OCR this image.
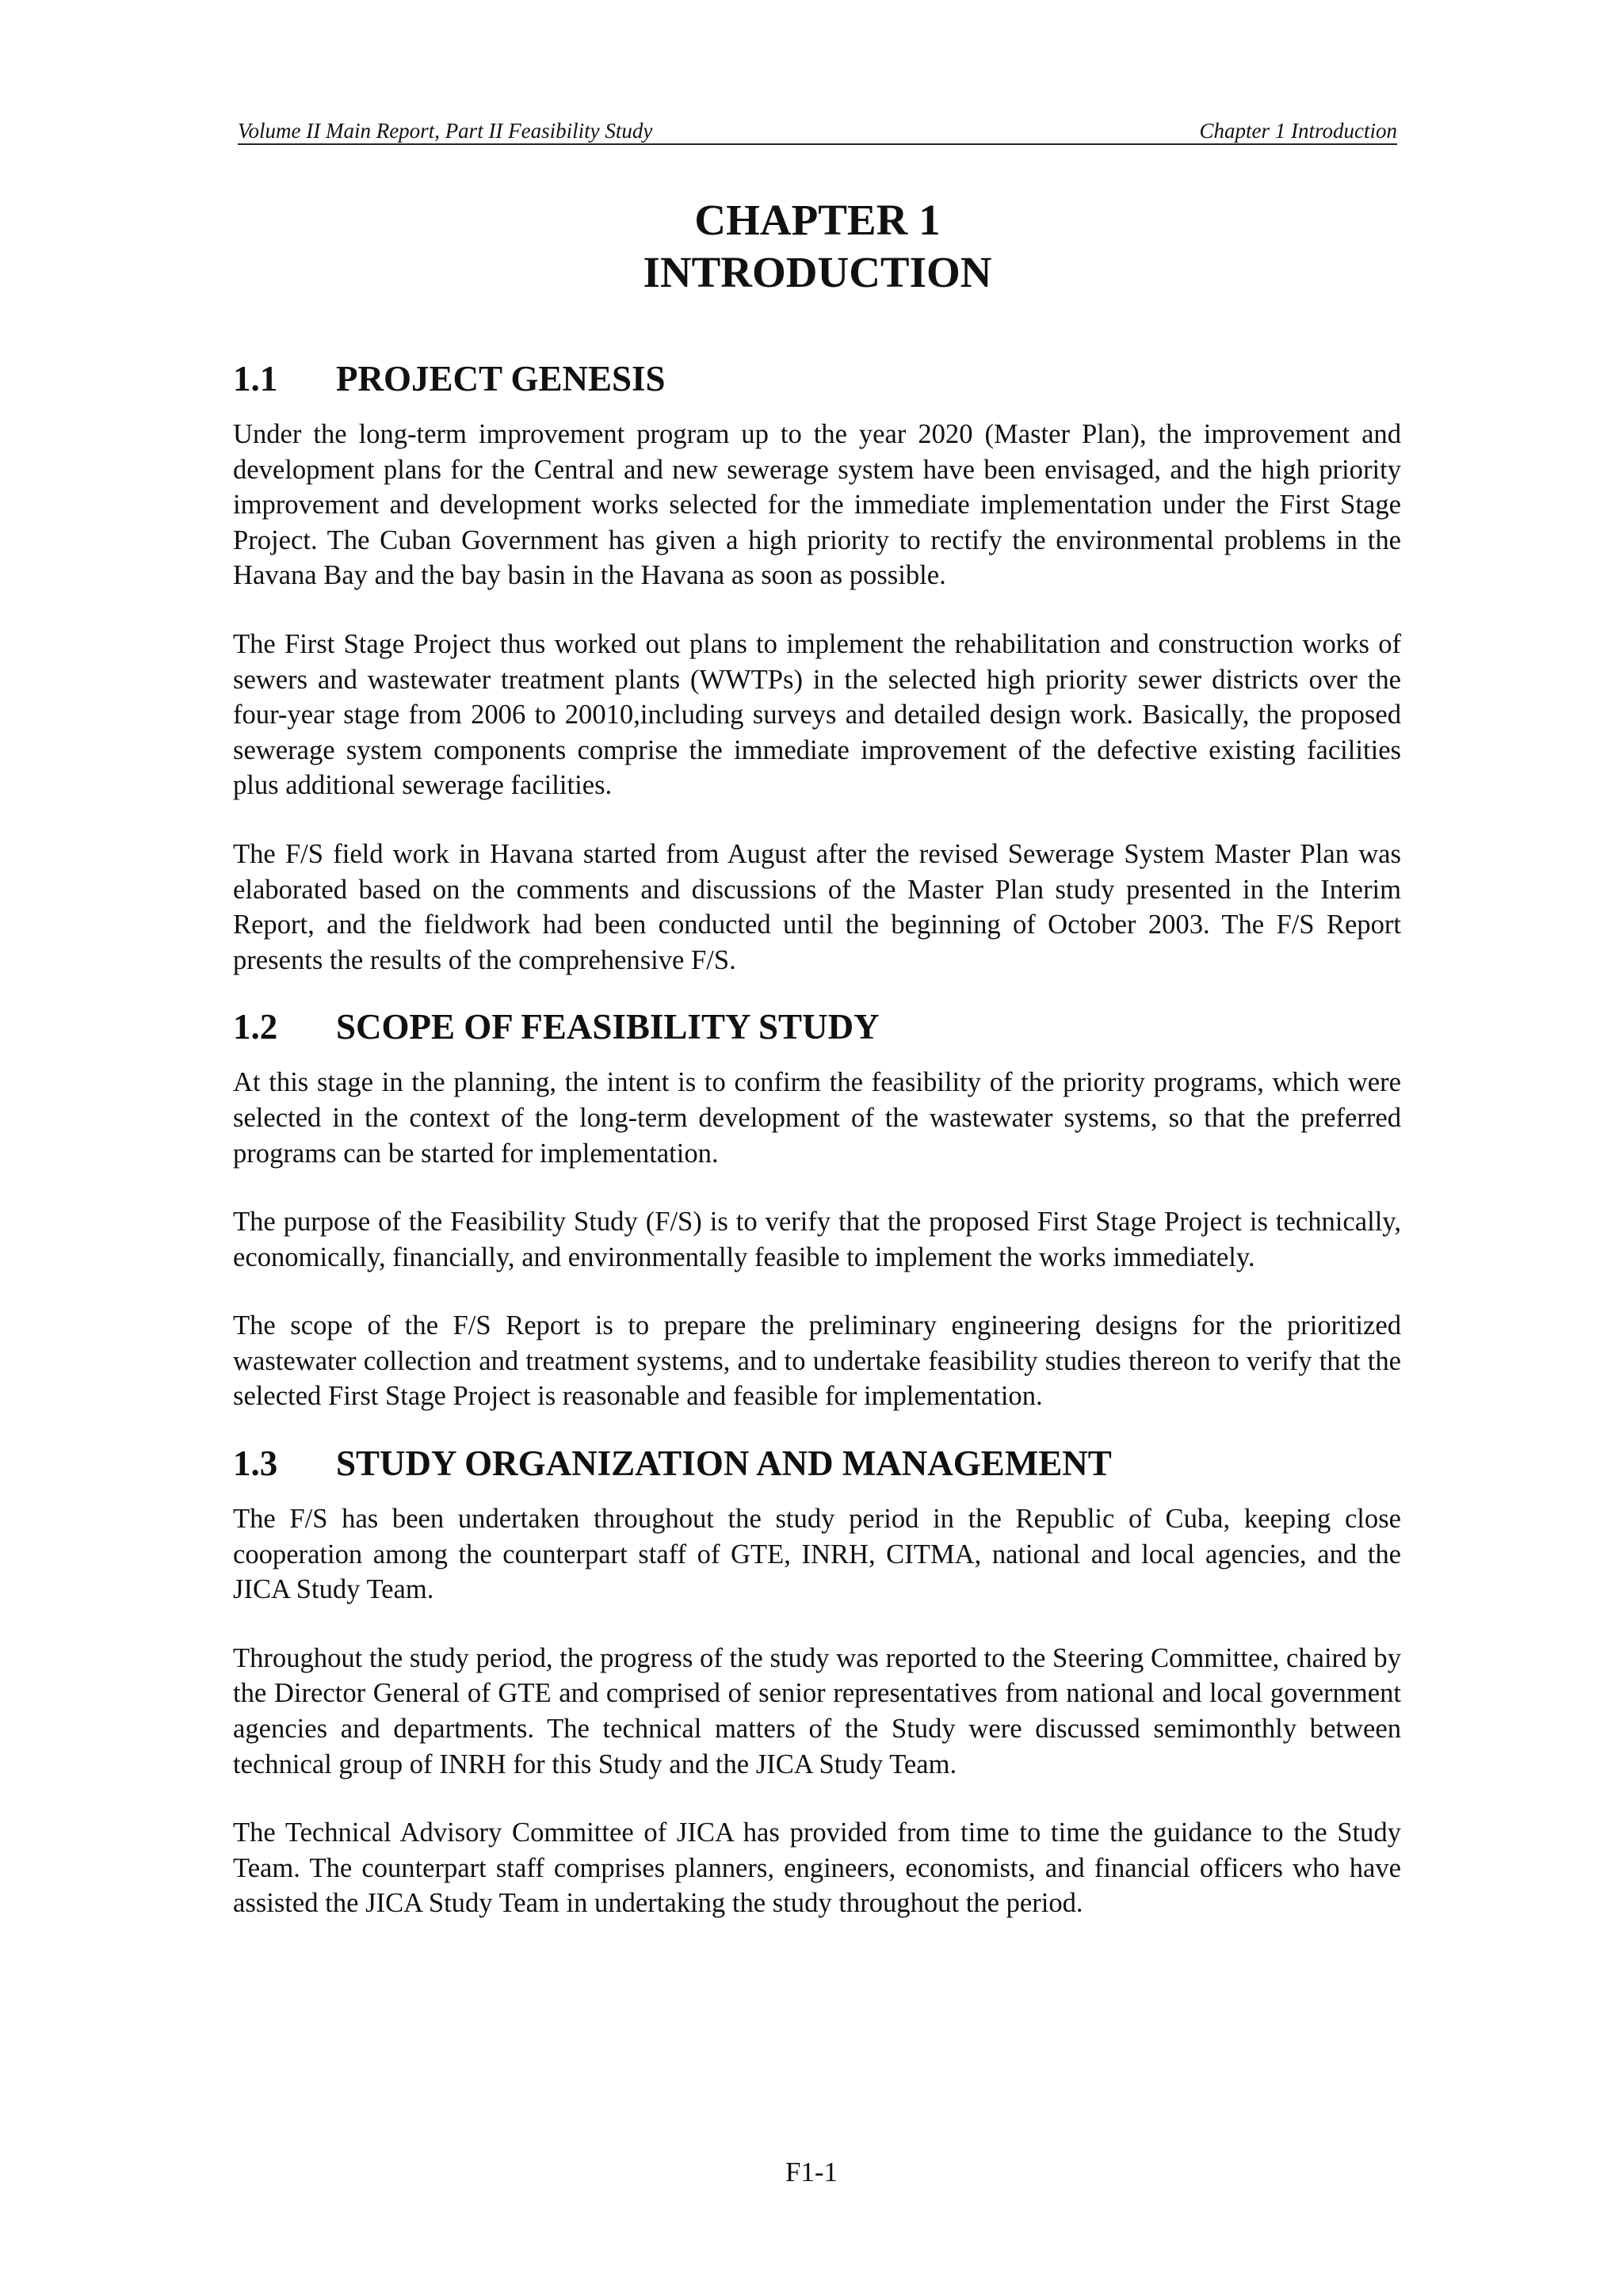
Volume II Main Report, Part II Feasibility Study	Chapter 1 Introduction
CHAPTER 1
INTRODUCTION
1.1	PROJECT GENESIS

Under the long-term improvement program up to the year 2020 (Master Plan), the improvement and development plans for the Central and new sewerage system have been envisaged, and the high priority improvement and development works selected for the immediate implementation under the First Stage Project. The Cuban Government has given a high priority to rectify the environmental problems in the Havana Bay and the bay basin in the Havana as soon as possible.

The First Stage Project thus worked out plans to implement the rehabilitation and construction works of sewers and wastewater treatment plants (WWTPs) in the selected high priority sewer districts over the four-year stage from 2006 to 20010,including surveys and detailed design work. Basically, the proposed sewerage system components comprise the immediate improvement of the defective existing facilities plus additional sewerage facilities.

The F/S field work in Havana started from August after the revised Sewerage System Master Plan was elaborated based on the comments and discussions of the Master Plan study presented in the Interim Report, and the fieldwork had been conducted until the beginning of October 2003. The F/S Report presents the results of the comprehensive F/S.

1.2	SCOPE OF FEASIBILITY STUDY

At this stage in the planning, the intent is to confirm the feasibility of the priority programs, which were selected in the context of the long-term development of the wastewater systems, so that the preferred programs can be started for implementation.

The purpose of the Feasibility Study (F/S) is to verify that the proposed First Stage Project is technically, economically, financially, and environmentally feasible to implement the works immediately.

The scope of the F/S Report is to prepare the preliminary engineering designs for the prioritized wastewater collection and treatment systems, and to undertake feasibility studies thereon to verify that the selected First Stage Project is reasonable and feasible for implementation.

1.3	STUDY ORGANIZATION AND MANAGEMENT

The F/S has been undertaken throughout the study period in the Republic of Cuba, keeping close cooperation among the counterpart staff of GTE, INRH, CITMA, national and local agencies, and the JICA Study Team.

Throughout the study period, the progress of the study was reported to the Steering Committee, chaired by the Director General of GTE and comprised of senior representatives from national and local government agencies and departments. The technical matters of the Study were discussed semimonthly between technical group of INRH for this Study and the JICA Study Team.

The Technical Advisory Committee of JICA has provided from time to time the guidance to the Study Team. The counterpart staff comprises planners, engineers, economists, and financial officers who have assisted the JICA Study Team in undertaking the study throughout the period.

F1-1
